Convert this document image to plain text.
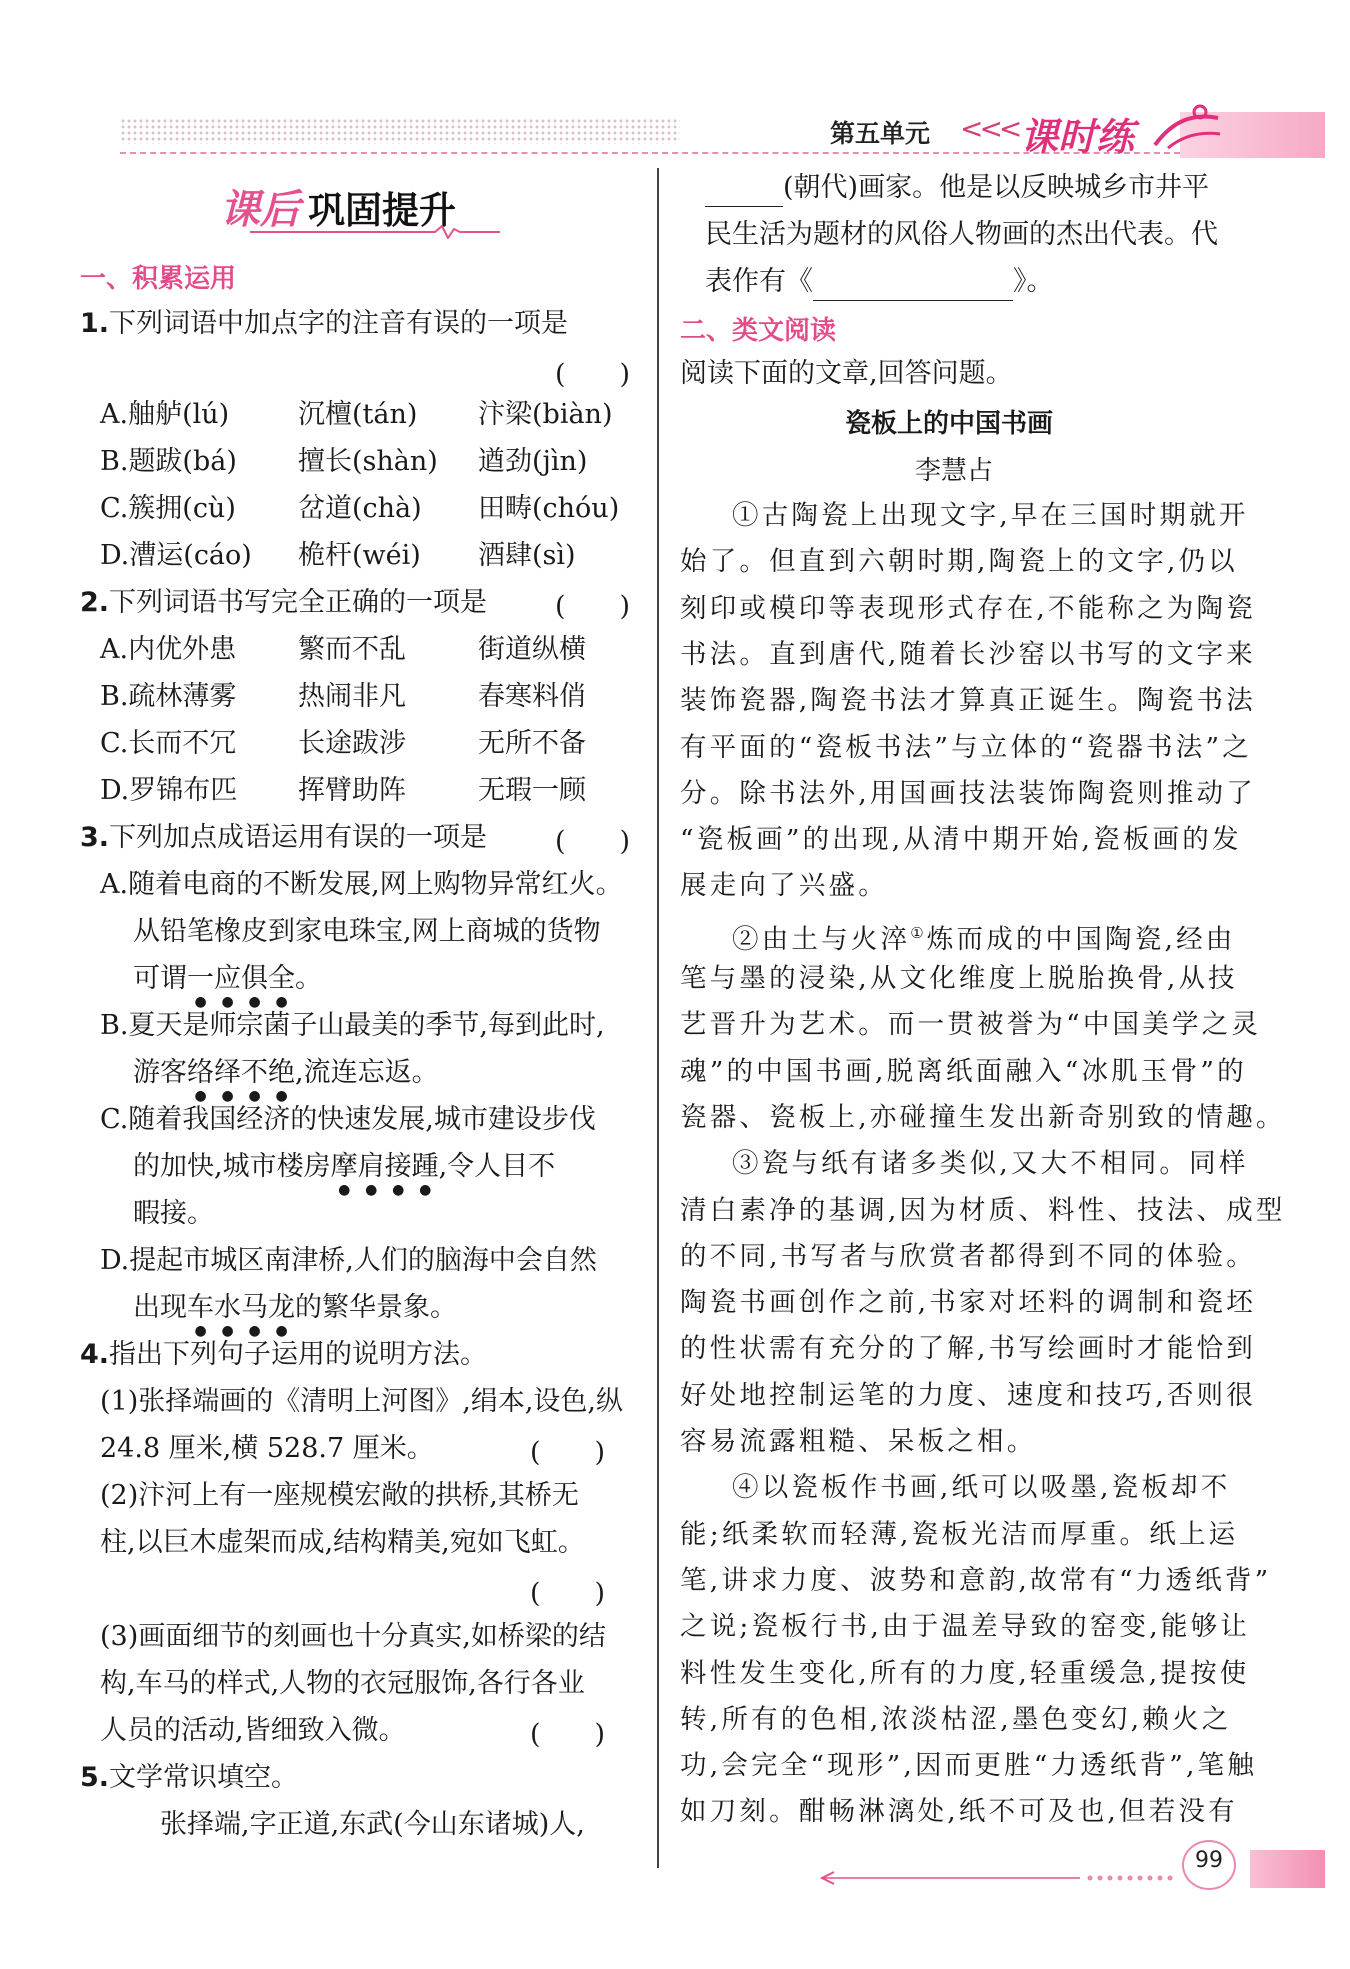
第五单元 <<< 课时练
课后 巩固提升
一、积累运用
1.下列词语中加点字的注音有误的一项是
(　　)
A.舳舻(lú)	沉檀(tán) 汴梁(biàn)
B.题跋(bá) 擅长(shàn) 遒劲(jìn)
C.簇拥(cù) 岔道(chà) 田畴(chóu)
D.漕运(cáo) 桅杆(wéi) 酒肆(sì)
2.下列词语书写完全正确的一项是	(　　)
A.内优外患 繁而不乱	街道纵横
B.疏林薄雾 热闹非凡	春寒料俏
C.长而不冗 长途跋涉	无所不备
D.罗锦布匹 挥臂助阵	无瑕一顾
3.下列加点成语运用有误的一项是	(　　)
A.随着电商的不断发展,网上购物异常红火。
从铅笔橡皮到家电珠宝,网上商城的货物
可谓一应俱全。
B.夏天是师宗菌子山最美的季节,每到此时,
游客络绎不绝,流连忘返。
C.随着我国经济的快速发展,城市建设步伐
的加快,城市楼房摩肩接踵,令人目不
暇接。
D.提起市城区南津桥,人们的脑海中会自然
出现车水马龙的繁华景象。
4.指出下列句子运用的说明方法。
(1)张择端画的《清明上河图》,绢本,设色,纵
24.8 厘米,横 528.7 厘米。	(　　)
(2)汴河上有一座规模宏敞的拱桥,其桥无
柱,以巨木虚架而成,结构精美,宛如飞虹。
(　　)
(3)画面细节的刻画也十分真实,如桥梁的结
构,车马的样式,人物的衣冠服饰,各行各业
人员的活动,皆细致入微。	(　　)
5.文学常识填空。
张择端,字正道,东武(今山东诸城)人,
(朝代)画家。他是以反映城乡市井平
民生活为题材的风俗人物画的杰出代表。代
表作有《	》。
二、类文阅读
阅读下面的文章,回答问题。
瓷板上的中国书画
李慧占
①古陶瓷上出现文字,早在三国时期就开
始了。但直到六朝时期,陶瓷上的文字,仍以
刻印或模印等表现形式存在,不能称之为陶瓷
书法。直到唐代,随着长沙窑以书写的文字来
装饰瓷器,陶瓷书法才算真正诞生。陶瓷书法
有平面的“瓷板书法”与立体的“瓷器书法”之
分。除书法外,用国画技法装饰陶瓷则推动了
“瓷板画”的出现,从清中期开始,瓷板画的发
展走向了兴盛。
②由土与火淬①炼而成的中国陶瓷,经由
笔与墨的浸染,从文化维度上脱胎换骨,从技
艺晋升为艺术。而一贯被誉为“中国美学之灵
魂”的中国书画,脱离纸面融入“冰肌玉骨”的
瓷器、瓷板上,亦碰撞生发出新奇别致的情趣。
③瓷与纸有诸多类似,又大不相同。同样
清白素净的基调,因为材质、料性、技法、成型
的不同,书写者与欣赏者都得到不同的体验。
陶瓷书画创作之前,书家对坯料的调制和瓷坯
的性状需有充分的了解,书写绘画时才能恰到
好处地控制运笔的力度、速度和技巧,否则很
容易流露粗糙、呆板之相。
④以瓷板作书画,纸可以吸墨,瓷板却不
能;纸柔软而轻薄,瓷板光洁而厚重。纸上运
笔,讲求力度、波势和意韵,故常有“力透纸背”
之说;瓷板行书,由于温差导致的窑变,能够让
料性发生变化,所有的力度,轻重缓急,提按使
转,所有的色相,浓淡枯涩,墨色变幻,赖火之
功,会完全“现形”,因而更胜“力透纸背”,笔触
如刀刻。酣畅淋漓处,纸不可及也,但若没有
99
